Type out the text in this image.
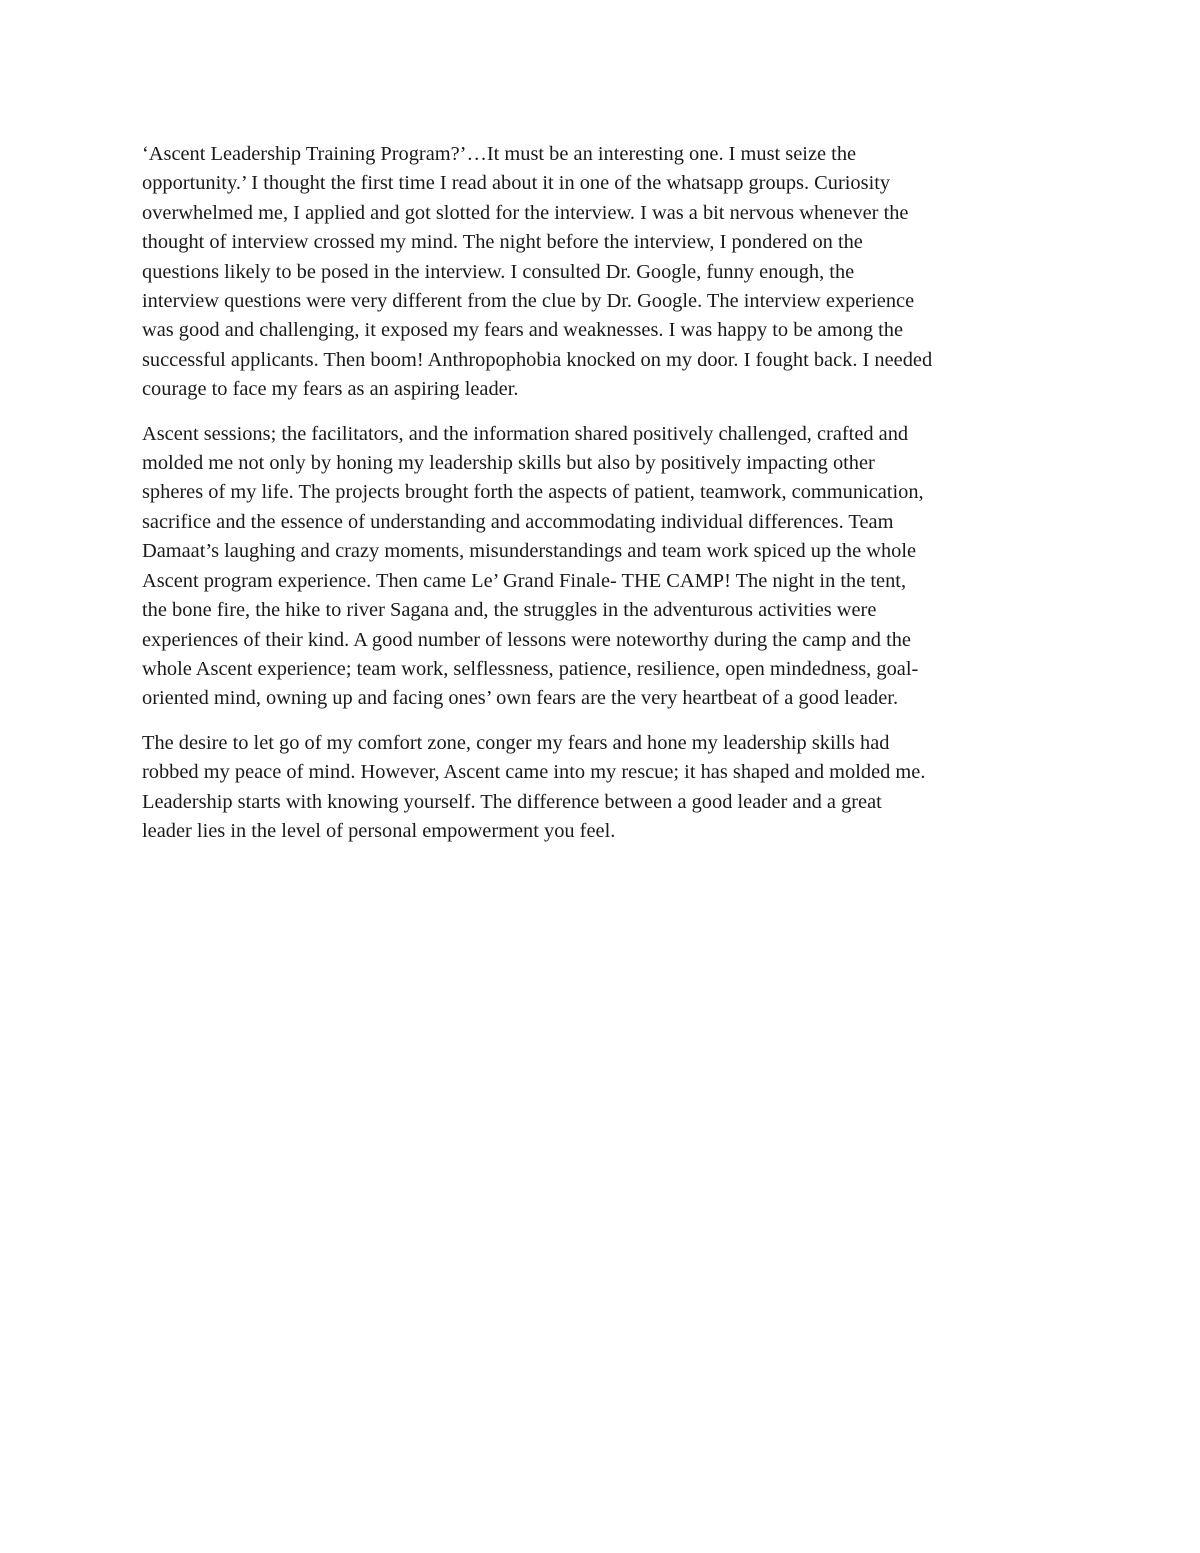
‘Ascent Leadership Training Program?’…It must be an interesting one. I must seize the
opportunity.’ I thought the first time I read about it in one of the whatsapp groups. Curiosity
overwhelmed me, I applied and got slotted for the interview. I was a bit nervous whenever the
thought of interview crossed my mind. The night before the interview, I pondered on the
questions likely to be posed in the interview. I consulted Dr. Google, funny enough, the
interview questions were very different from the clue by Dr. Google. The interview experience
was good and challenging, it exposed my fears and weaknesses. I was happy to be among the
successful applicants. Then boom! Anthropophobia knocked on my door. I fought back. I needed
courage to face my fears as an aspiring leader.

Ascent sessions; the facilitators, and the information shared positively challenged, crafted and
molded me not only by honing my leadership skills but also by positively impacting other
spheres of my life. The projects brought forth the aspects of patient, teamwork, communication,
sacrifice and the essence of understanding and accommodating individual differences. Team
Damaat’s laughing and crazy moments, misunderstandings and team work spiced up the whole
Ascent program experience. Then came Le’ Grand Finale- THE CAMP! The night in the tent,
the bone fire, the hike to river Sagana and, the struggles in the adventurous activities were
experiences of their kind. A good number of lessons were noteworthy during the camp and the
whole Ascent experience; team work, selflessness, patience, resilience, open mindedness, goal-
oriented mind, owning up and facing ones’ own fears are the very heartbeat of a good leader.

The desire to let go of my comfort zone, conger my fears and hone my leadership skills had
robbed my peace of mind. However, Ascent came into my rescue; it has shaped and molded me.
Leadership starts with knowing yourself. The difference between a good leader and a great
leader lies in the level of personal empowerment you feel.
